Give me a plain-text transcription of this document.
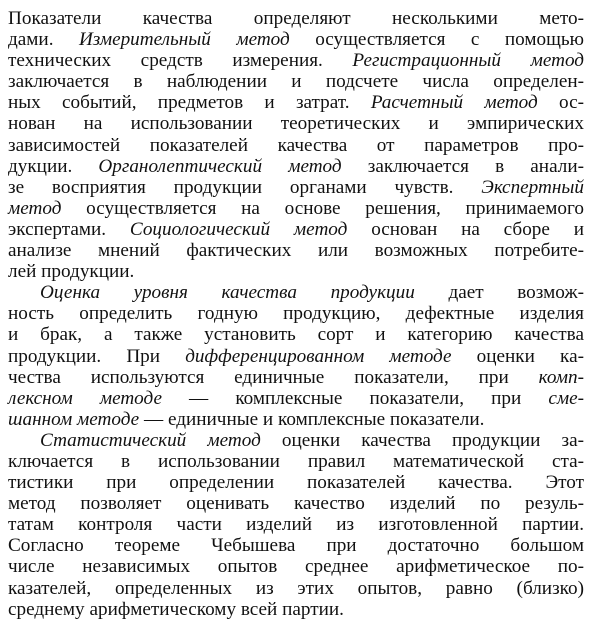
Показатели качества определяют несколькими мето-
дами. Измерительный метод осуществляется с помощью
технических средств измерения. Регистрационный метод
заключается в наблюдении и подсчете числа определен-
ных событий, предметов и затрат. Расчетный метод ос-
нован на использовании теоретических и эмпирических
зависимостей показателей качества от параметров про-
дукции. Органолептический метод заключается в анали-
зе восприятия продукции органами чувств. Экспертный
метод осуществляется на основе решения, принимаемого
экспертами. Социологический метод основан на сборе и
анализе мнений фактических или возможных потребите-
лей продукции.
Оценка уровня качества продукции дает возмож-
ность определить годную продукцию, дефектные изделия
и брак, а также установить сорт и категорию качества
продукции. При дифференцированном методе оценки ка-
чества используются единичные показатели, при комп-
лексном методе — комплексные показатели, при сме-
шанном методе — единичные и комплексные показатели.
Статистический метод оценки качества продукции за-
ключается в использовании правил математической ста-
тистики при определении показателей качества. Этот
метод позволяет оценивать качество изделий по резуль-
татам контроля части изделий из изготовленной партии.
Согласно теореме Чебышева при достаточно большом
числе независимых опытов среднее арифметическое по-
казателей, определенных из этих опытов, равно (близко)
среднему арифметическому всей партии.
